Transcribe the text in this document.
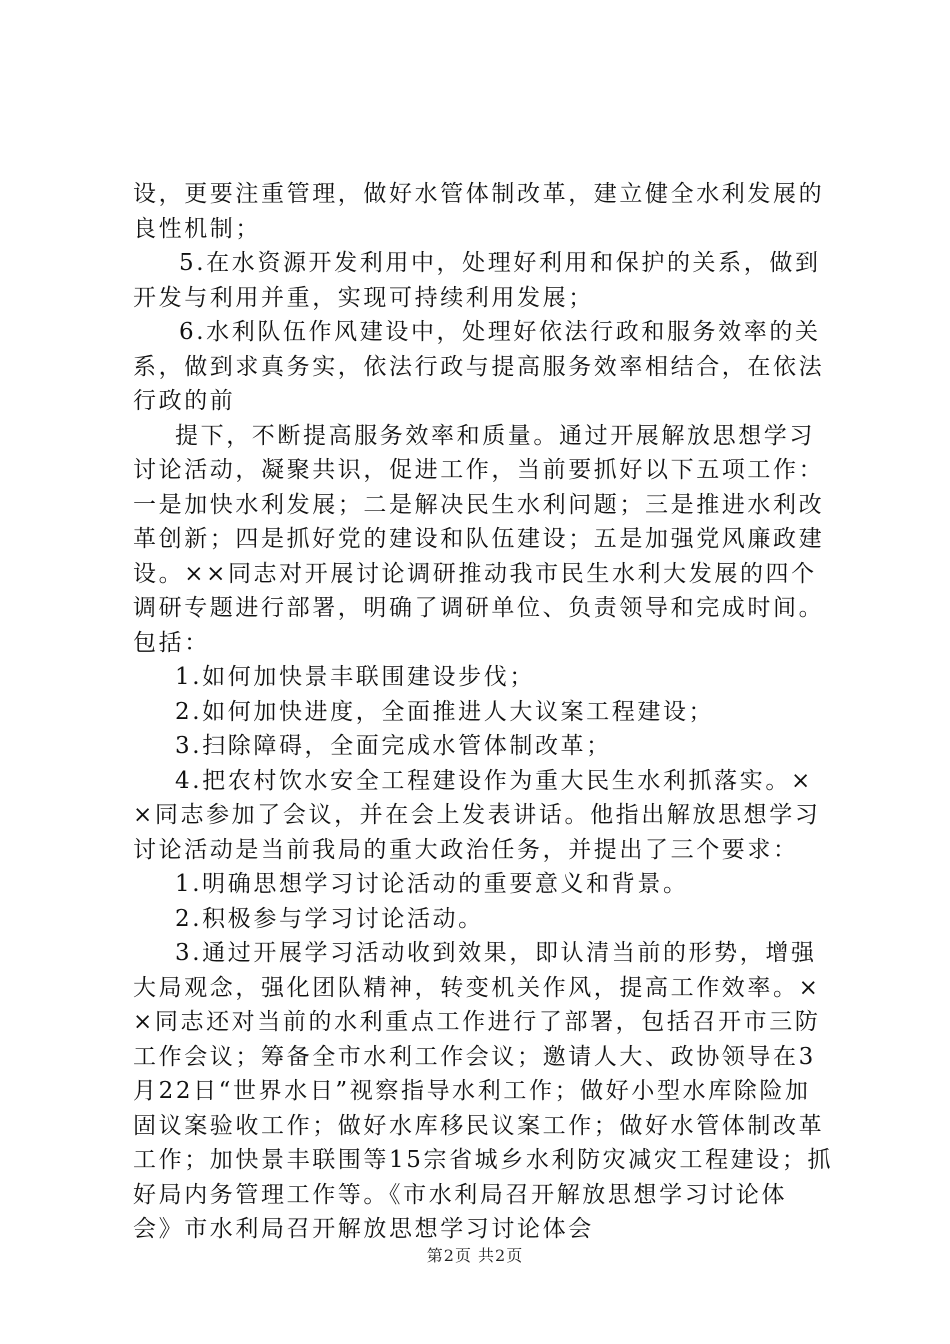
设，更要注重管理，做好水管体制改革，建立健全水利发展的
良性机制；
5.在水资源开发利用中，处理好利用和保护的关系，做到
开发与利用并重，实现可持续利用发展；
6.水利队伍作风建设中，处理好依法行政和服务效率的关
系，做到求真务实，依法行政与提高服务效率相结合，在依法
行政的前
提下，不断提高服务效率和质量。通过开展解放思想学习
讨论活动，凝聚共识，促进工作，当前要抓好以下五项工作：
一是加快水利发展；二是解决民生水利问题；三是推进水利改
革创新；四是抓好党的建设和队伍建设；五是加强党风廉政建
设。××同志对开展讨论调研推动我市民生水利大发展的四个
调研专题进行部署，明确了调研单位、负责领导和完成时间。
包括：
1.如何加快景丰联围建设步伐；
2.如何加快进度，全面推进人大议案工程建设；
3.扫除障碍，全面完成水管体制改革；
4.把农村饮水安全工程建设作为重大民生水利抓落实。×
×同志参加了会议，并在会上发表讲话。他指出解放思想学习
讨论活动是当前我局的重大政治任务，并提出了三个要求：
1.明确思想学习讨论活动的重要意义和背景。
2.积极参与学习讨论活动。
3.通过开展学习活动收到效果，即认清当前的形势，增强
大局观念，强化团队精神，转变机关作风，提高工作效率。×
×同志还对当前的水利重点工作进行了部署，包括召开市三防
工作会议；筹备全市水利工作会议；邀请人大、政协领导在3
月22日“世界水日”视察指导水利工作；做好小型水库除险加
固议案验收工作；做好水库移民议案工作；做好水管体制改革
工作；加快景丰联围等15宗省城乡水利防灾减灾工程建设；抓
好局内务管理工作等。《市水利局召开解放思想学习讨论体
会》市水利局召开解放思想学习讨论体会
第2页 共2页
